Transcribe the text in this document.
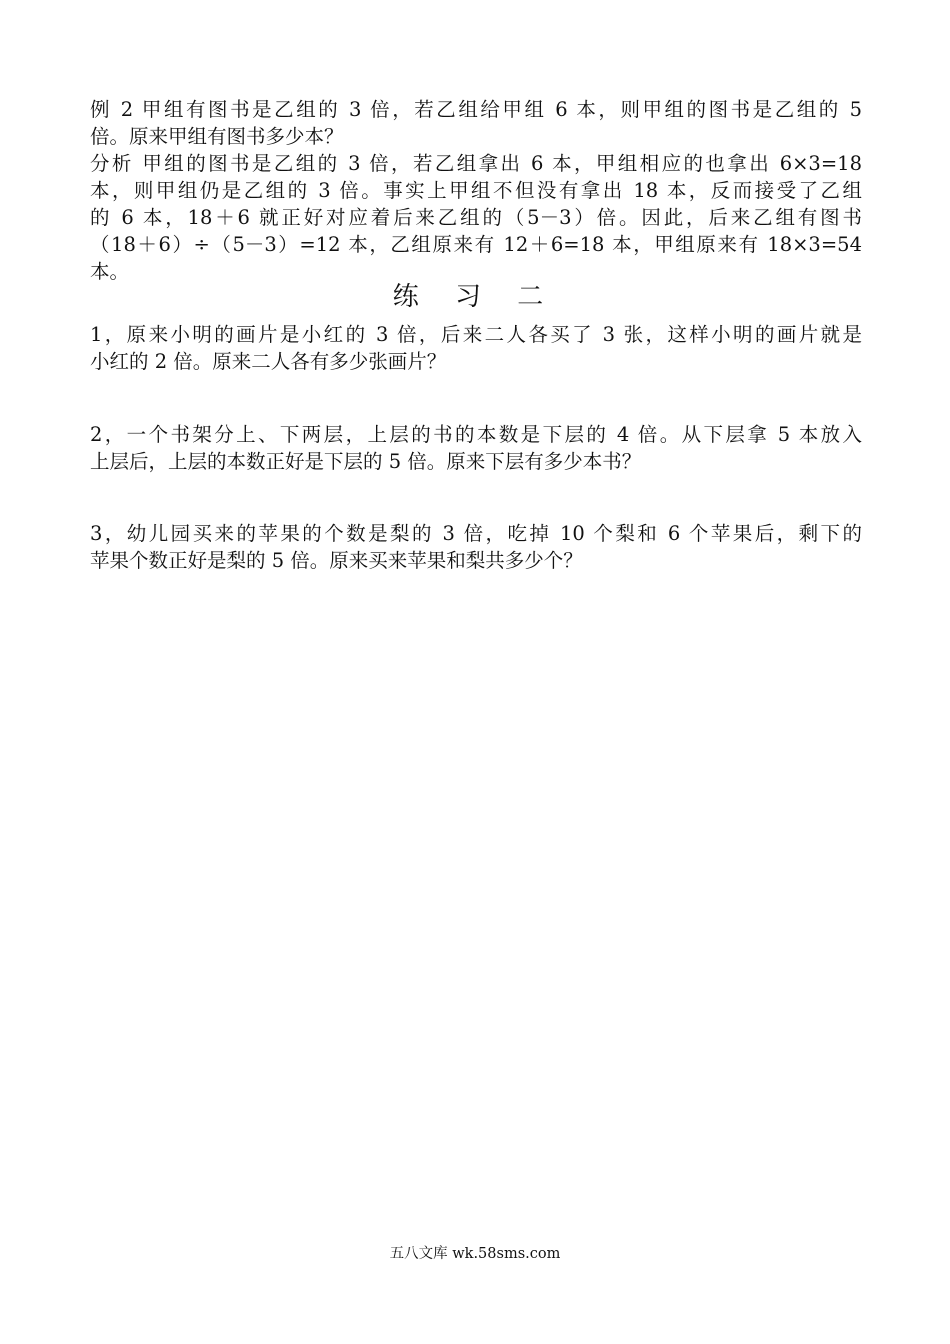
例 2 甲组有图书是乙组的 3 倍，若乙组给甲组 6 本，则甲组的图书是乙组的 5
倍。原来甲组有图书多少本？
分析 甲组的图书是乙组的 3 倍，若乙组拿出 6 本，甲组相应的也拿出 6×3=18
本，则甲组仍是乙组的 3 倍。事实上甲组不但没有拿出 18 本，反而接受了乙组
的 6 本，18＋6 就正好对应着后来乙组的（5－3）倍。因此，后来乙组有图书
（18＋6）÷（5－3）=12 本，乙组原来有 12＋6=18 本，甲组原来有 18×3=54
本。
练 习 二
1，原来小明的画片是小红的 3 倍，后来二人各买了 3 张，这样小明的画片就是
小红的 2 倍。原来二人各有多少张画片？
2，一个书架分上、下两层，上层的书的本数是下层的 4 倍。从下层拿 5 本放入
上层后，上层的本数正好是下层的 5 倍。原来下层有多少本书？
3，幼儿园买来的苹果的个数是梨的 3 倍，吃掉 10 个梨和 6 个苹果后，剩下的
苹果个数正好是梨的 5 倍。原来买来苹果和梨共多少个？
五八文库 wk.58sms.com
